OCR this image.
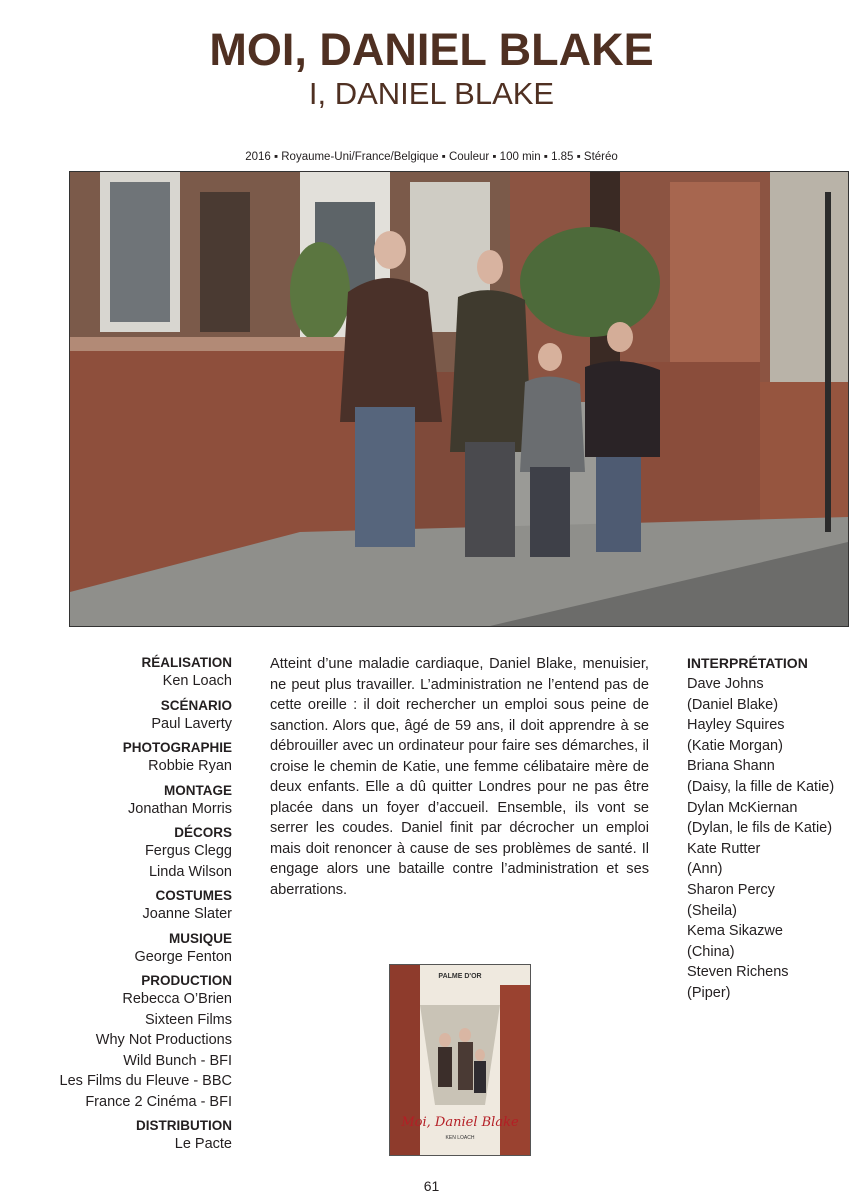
MOI, DANIEL BLAKE
I, DANIEL BLAKE
2016 ▪ Royaume-Uni/France/Belgique ▪ Couleur ▪ 100 min ▪ 1.85 ▪ Stéréo
RÉALISATION
Ken Loach
SCÉNARIO
Paul Laverty
PHOTOGRAPHIE
Robbie Ryan
MONTAGE
Jonathan Morris
DÉCORS
Fergus Clegg
Linda Wilson
COSTUMES
Joanne Slater
MUSIQUE
George Fenton
PRODUCTION
Rebecca O’Brien
Sixteen Films
Why Not Productions
Wild Bunch - BFI
Les Films du Fleuve - BBC
France 2 Cinéma - BFI
DISTRIBUTION
Le Pacte
Atteint d’une maladie cardiaque, Daniel Blake, menuisier, ne peut plus travailler. L’administration ne l’entend pas de cette oreille : il doit rechercher un emploi sous peine de sanction. Alors que, âgé de 59 ans, il doit apprendre à se débrouiller avec un ordinateur pour faire ses démarches, il croise le chemin de Katie, une femme célibataire mère de deux enfants. Elle a dû quitter Londres pour ne pas être placée dans un foyer d’accueil. Ensemble, ils vont se serrer les coudes. Daniel finit par décrocher un emploi mais doit renoncer à cause de ses problèmes de santé. Il engage alors une bataille contre l’administration et ses aberrations.
PALME D'OR
Moi, Daniel Blake
KEN LOACH
INTERPRÉTATION
Dave Johns
(Daniel Blake)
Hayley Squires
(Katie Morgan)
Briana Shann
(Daisy, la fille de Katie)
Dylan McKiernan
(Dylan, le fils de Katie)
Kate Rutter
(Ann)
Sharon Percy
(Sheila)
Kema Sikazwe
(China)
Steven Richens
(Piper)
61
